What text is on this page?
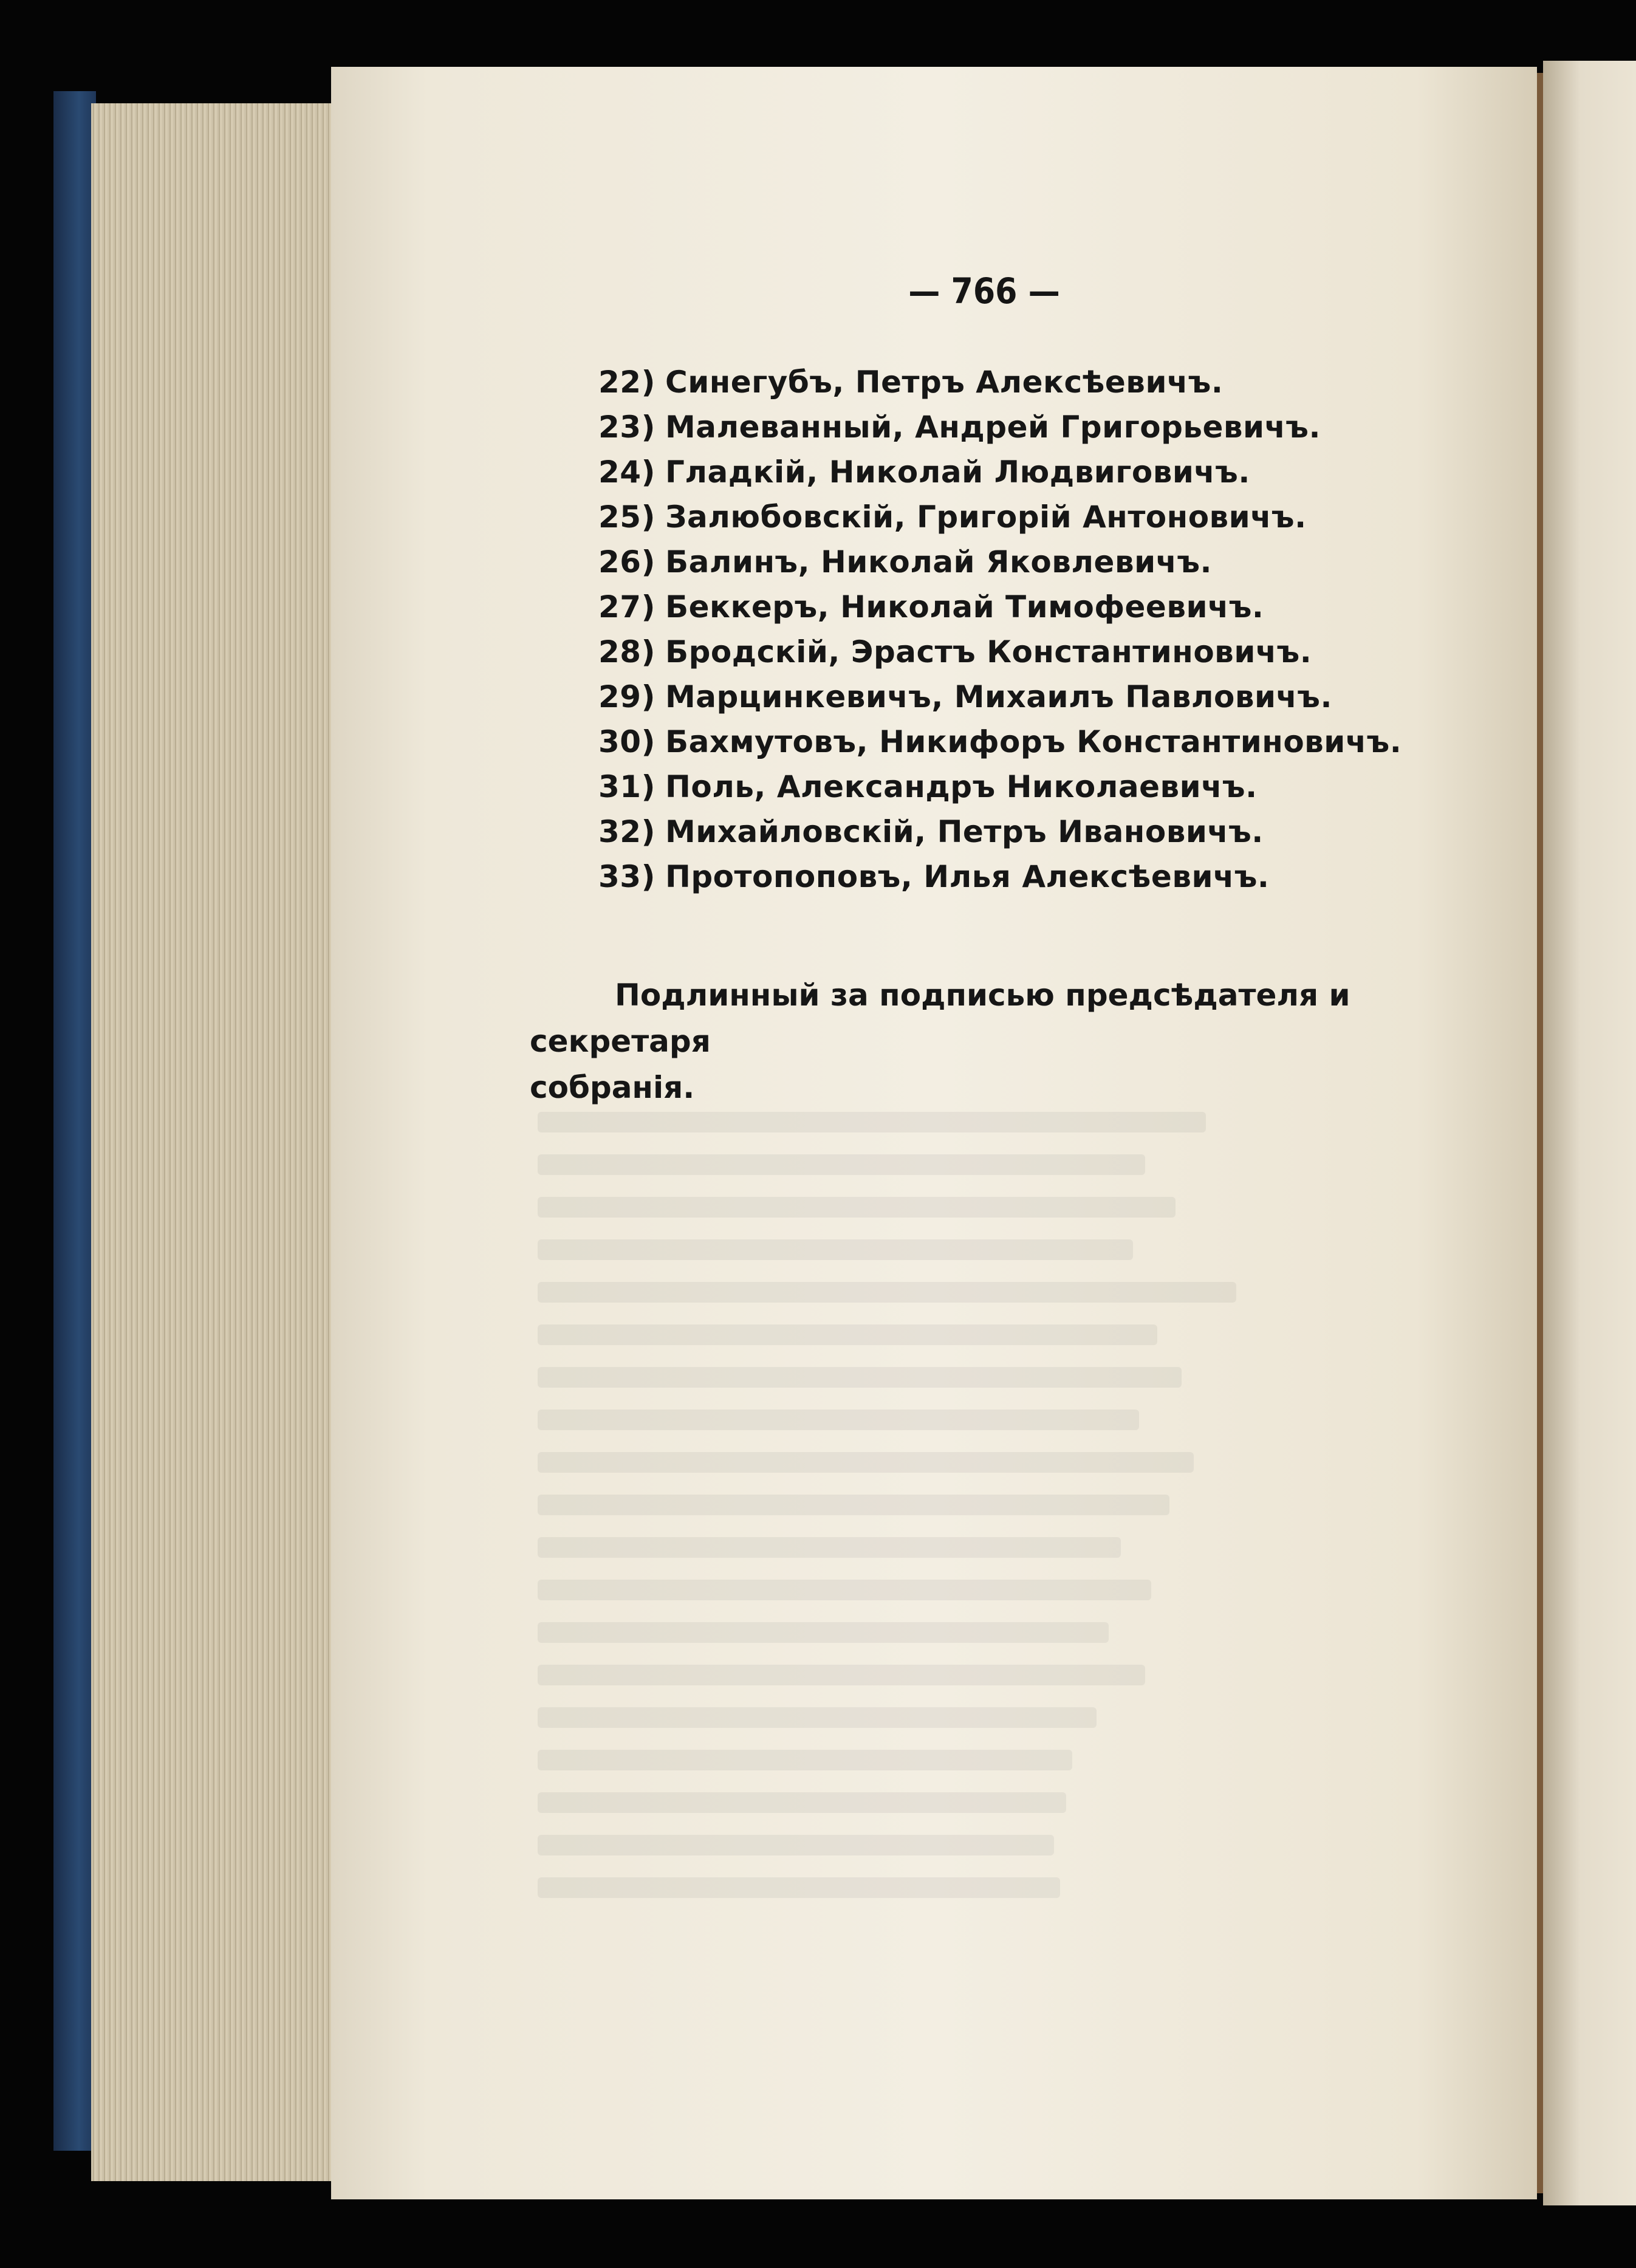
— 766 —
22) Синегубъ, Петръ Алексѣевичъ.
23) Малеванный, Андрей Григорьевичъ.
24) Гладкій, Николай Людвиговичъ.
25) Залюбовскій, Григорій Антоновичъ.
26) Балинъ, Николай Яковлевичъ.
27) Беккеръ, Николай Тимофеевичъ.
28) Бродскій, Эрастъ Константиновичъ.
29) Марцинкевичъ, Михаилъ Павловичъ.
30) Бахмутовъ, Никифоръ Константиновичъ.
31) Поль, Александръ Николаевичъ.
32) Михайловскій, Петръ Ивановичъ.
33) Протопоповъ, Илья Алексѣевичъ.
Подлинный за подписью предсѣдателя и секретаря
собранія.
